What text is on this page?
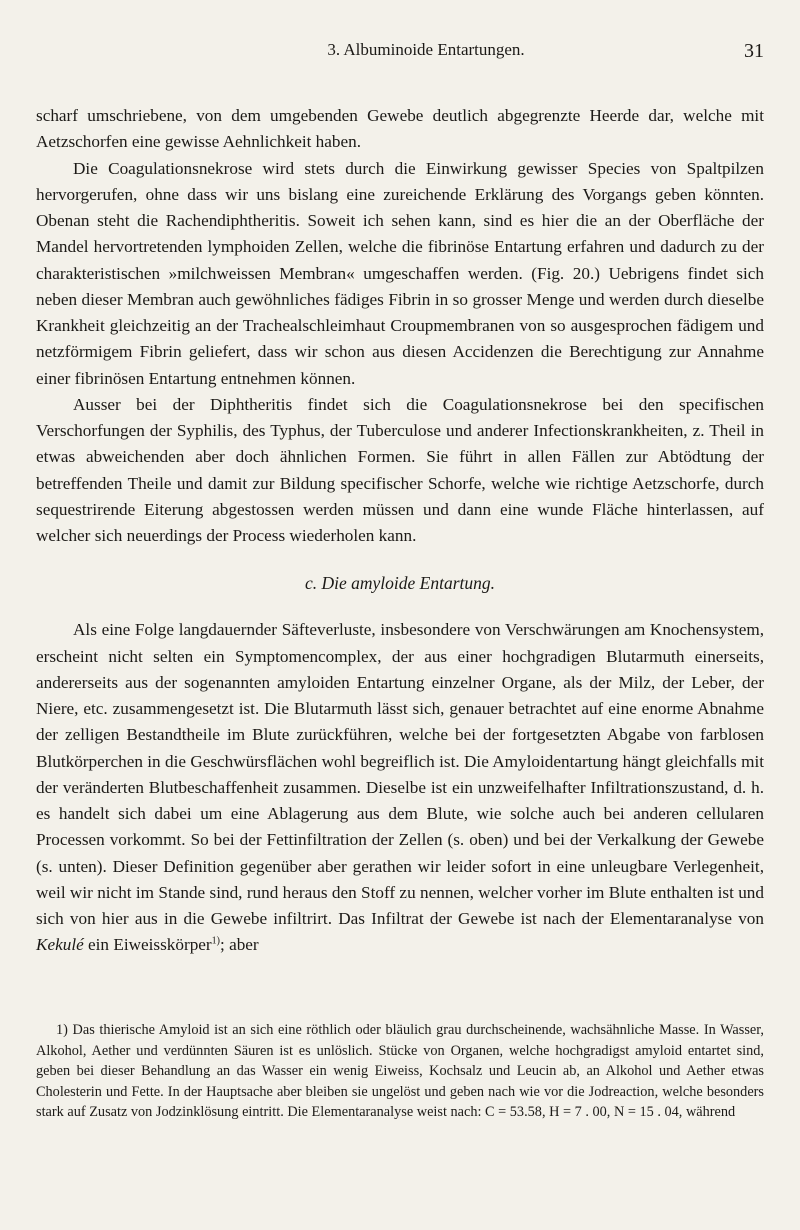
3. Albuminoide Entartungen.	31

scharf umschriebene, von dem umgebenden Gewebe deutlich abgegrenzte Heerde dar, welche mit Aetzschorfen eine gewisse Aehnlichkeit haben.

Die Coagulationsnekrose wird stets durch die Einwirkung gewisser Species von Spaltpilzen hervorgerufen, ohne dass wir uns bislang eine zureichende Erklärung des Vorgangs geben könnten. Obenan steht die Rachendiphtheritis. Soweit ich sehen kann, sind es hier die an der Oberfläche der Mandel hervortretenden lymphoiden Zellen, welche die fibrinöse Entartung erfahren und dadurch zu der charakteristischen »milchweissen Membran« umgeschaffen werden. (Fig. 20.) Uebrigens findet sich neben dieser Membran auch gewöhnliches fädiges Fibrin in so grosser Menge und werden durch dieselbe Krankheit gleichzeitig an der Trachealschleimhaut Croupmembranen von so ausgesprochen fädigem und netzförmigem Fibrin geliefert, dass wir schon aus diesen Accidenzen die Berechtigung zur Annahme einer fibrinösen Entartung entnehmen können.

Ausser bei der Diphtheritis findet sich die Coagulationsnekrose bei den specifischen Verschorfungen der Syphilis, des Typhus, der Tuberculose und anderer Infectionskrankheiten, z. Theil in etwas abweichenden aber doch ähnlichen Formen. Sie führt in allen Fällen zur Abtödtung der betreffenden Theile und damit zur Bildung specifischer Schorfe, welche wie richtige Aetzschorfe, durch sequestrirende Eiterung abgestossen werden müssen und dann eine wunde Fläche hinterlassen, auf welcher sich neuerdings der Process wiederholen kann.

c. Die amyloide Entartung.

Als eine Folge langdauernder Säfteverluste, insbesondere von Verschwärungen am Knochensystem, erscheint nicht selten ein Symptomencomplex, der aus einer hochgradigen Blutarmuth einerseits, andererseits aus der sogenannten amyloiden Entartung einzelner Organe, als der Milz, der Leber, der Niere, etc. zusammengesetzt ist. Die Blutarmuth lässt sich, genauer betrachtet auf eine enorme Abnahme der zelligen Bestandtheile im Blute zurückführen, welche bei der fortgesetzten Abgabe von farblosen Blutkörperchen in die Geschwürsflächen wohl begreiflich ist. Die Amyloidentartung hängt gleichfalls mit der veränderten Blutbeschaffenheit zusammen. Dieselbe ist ein unzweifelhafter Infiltrationszustand, d. h. es handelt sich dabei um eine Ablagerung aus dem Blute, wie solche auch bei anderen cellularen Processen vorkommt. So bei der Fettinfiltration der Zellen (s. oben) und bei der Verkalkung der Gewebe (s. unten). Dieser Definition gegenüber aber gerathen wir leider sofort in eine unleugbare Verlegenheit, weil wir nicht im Stande sind, rund heraus den Stoff zu nennen, welcher vorher im Blute enthalten ist und sich von hier aus in die Gewebe infiltrirt. Das Infiltrat der Gewebe ist nach der Elementaranalyse von Kekulé ein Eiweisskörper$^{1)}$; aber

1) Das thierische Amyloid ist an sich eine röthlich oder bläulich grau durchscheinende, wachsähnliche Masse. In Wasser, Alkohol, Aether und verdünnten Säuren ist es unlöslich. Stücke von Organen, welche hochgradigst amyloid entartet sind, geben bei dieser Behandlung an das Wasser ein wenig Eiweiss, Kochsalz und Leucin ab, an Alkohol und Aether etwas Cholesterin und Fette. In der Hauptsache aber bleiben sie ungelöst und geben nach wie vor die Jodreaction, welche besonders stark auf Zusatz von Jodzinklösung eintritt. Die Elementaranalyse weist nach: C = 53.58, H = 7 . 00, N = 15 . 04, während
